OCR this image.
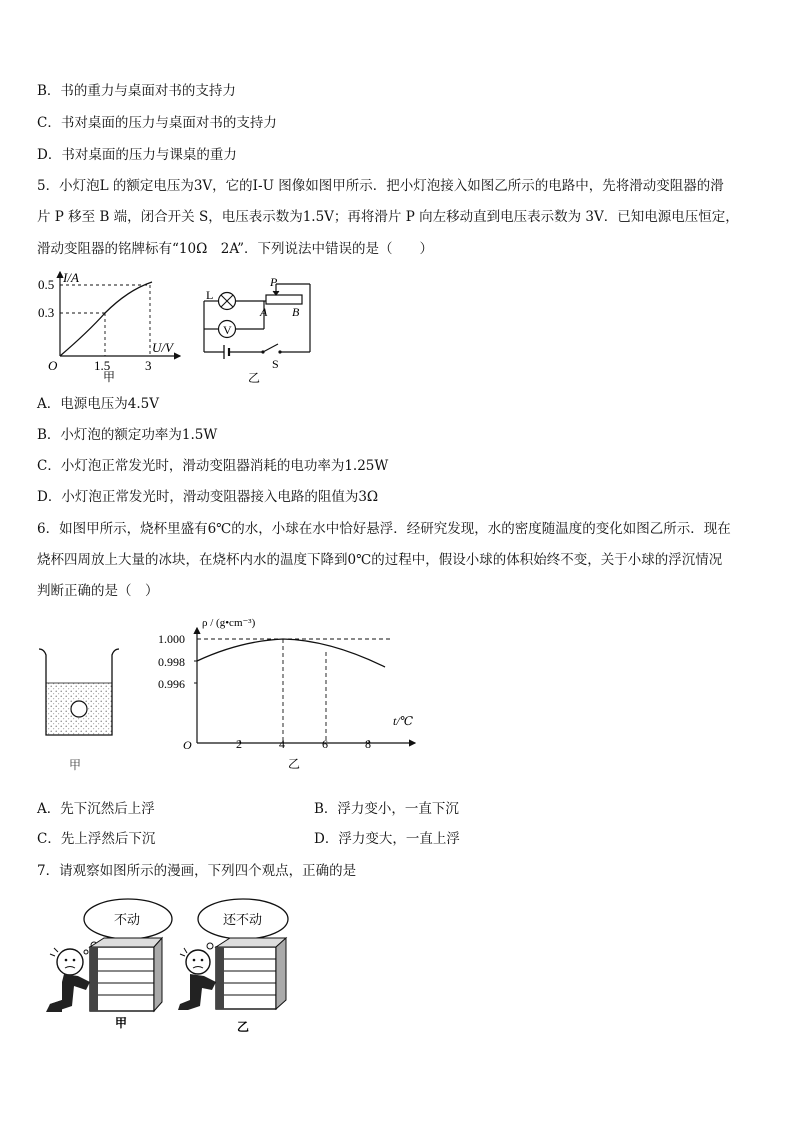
B．书的重力与桌面对书的支持力
C．书对桌面的压力与桌面对书的支持力
D．书对桌面的压力与课桌的重力
5．小灯泡L 的额定电压为3V，它的I-U 图像如图甲所示．把小灯泡接入如图乙所示的电路中，先将滑动变阻器的滑
片 P 移至 B 端，闭合开关 S，电压表示数为1.5V；再将滑片 P 向左移动直到电压表示数为 3V．已知电源电压恒定，
滑动变阻器的铭牌标有“10Ω　2A”．下列说法中错误的是（　　）
I/A
0.5
0.3
O	1.5	3
U/V
甲
V
L
P
A B
S
乙
A．电源电压为4.5V
B．小灯泡的额定功率为1.5W
C．小灯泡正常发光时，滑动变阻器消耗的电功率为1.25W
D．小灯泡正常发光时，滑动变阻器接入电路的阻值为3Ω
6．如图甲所示，烧杯里盛有6℃的水，小球在水中恰好悬浮．经研究发现，水的密度随温度的变化如图乙所示．现在
烧杯四周放上大量的冰块，在烧杯内水的温度下降到0℃的过程中，假设小球的体积始终不变，关于小球的浮沉情况
判断正确的是（　）
甲
ρ / (g•cm⁻³)
1.000
0.998
0.996
O	2	4	6	8
t/℃
乙
A．先下沉然后上浮	B．浮力变小，一直下沉
C．先上浮然后下沉	D．浮力变大，一直上浮
7．请观察如图所示的漫画，下列四个观点，正确的是
不动	还不动
甲	乙
